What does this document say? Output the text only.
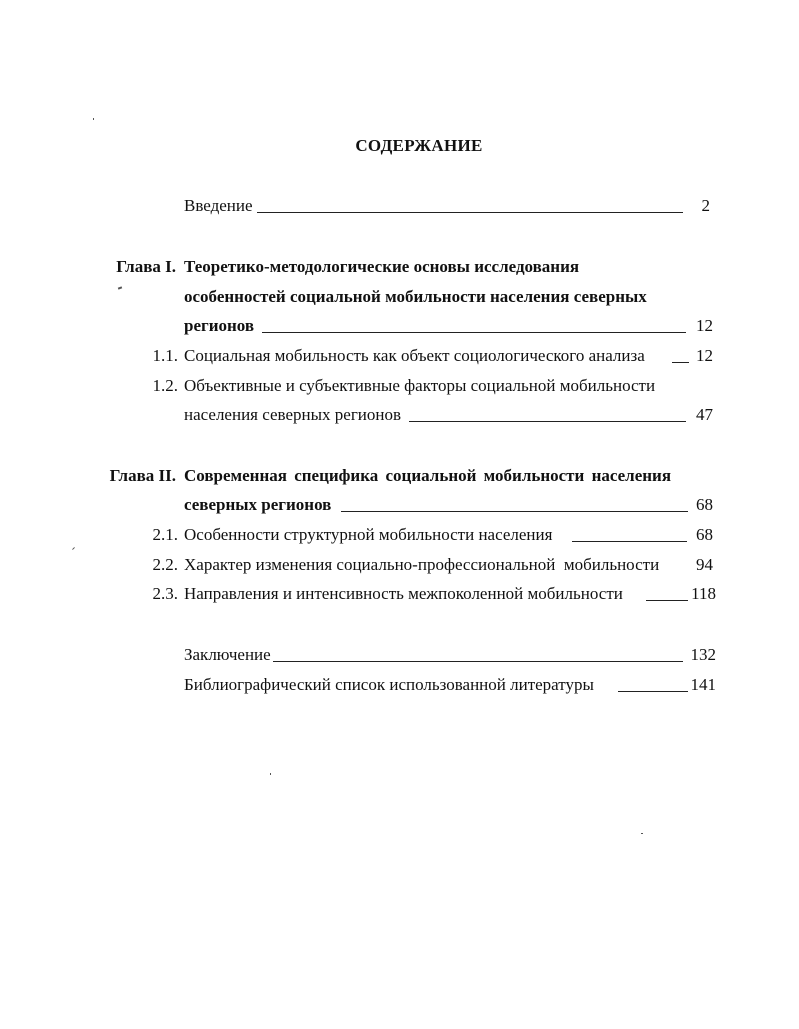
СОДЕРЖАНИЕ
Введение	2
Глава I. Теоретико-методологические основы исследования
особенностей социальной мобильности населения северных
регионов	12
1.1. Социальная мобильность как объект социологического анализа	12
1.2. Объективные и субъективные факторы социальной мобильности
населения северных регионов	47
Глава II. Современная специфика социальной мобильности населения
северных регионов	68
2.1. Особенности структурной мобильности населения	68
2.2. Характер изменения социально-профессиональной  мобильности	94
2.3. Направления и интенсивность межпоколенной мобильности	118
Заключение	132
Библиографический список использованной литературы	141
